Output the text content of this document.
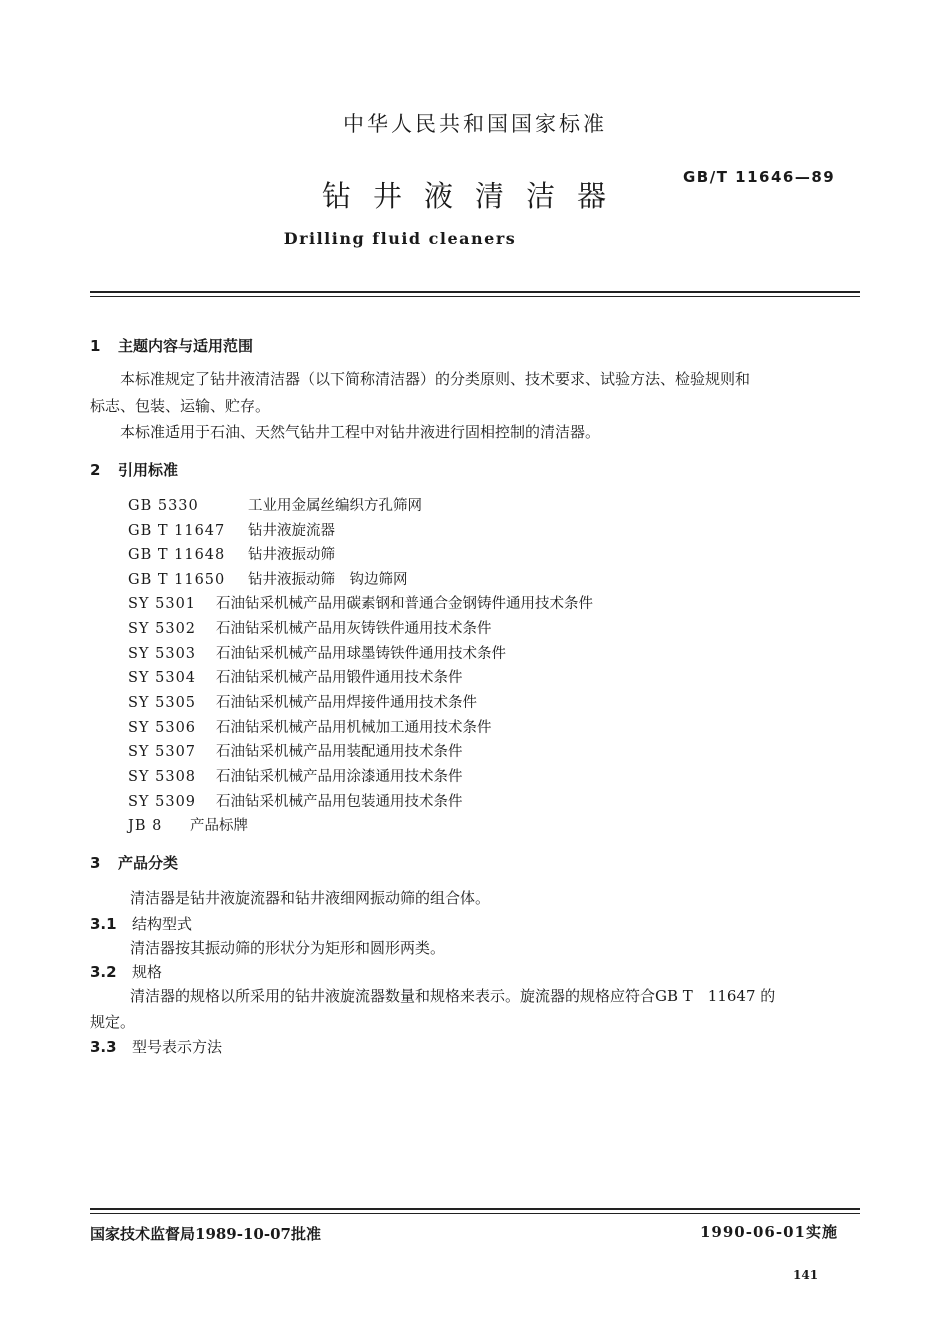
中华人民共和国国家标准
钻井液清洁器
GB/T 11646—89
Drilling fluid cleaners
1 主题内容与适用范围
本标准规定了钻井液清洁器（以下简称清洁器）的分类原则、技术要求、试验方法、检验规则和
标志、包装、运输、贮存。
本标准适用于石油、天然气钻井工程中对钻井液进行固相控制的清洁器。
2 引用标准
GB 5330	工业用金属丝编织方孔筛网
GB T 11647 钻井液旋流器
GB T 11648 钻井液振动筛
GB T 11650 钻井液振动筛　钩边筛网
SY 5301 石油钻采机械产品用碳素钢和普通合金钢铸件通用技术条件
SY 5302 石油钻采机械产品用灰铸铁件通用技术条件
SY 5303 石油钻采机械产品用球墨铸铁件通用技术条件
SY 5304 石油钻采机械产品用锻件通用技术条件
SY 5305 石油钻采机械产品用焊接件通用技术条件
SY 5306 石油钻采机械产品用机械加工通用技术条件
SY 5307 石油钻采机械产品用装配通用技术条件
SY 5308 石油钻采机械产品用涂漆通用技术条件
SY 5309 石油钻采机械产品用包装通用技术条件
JB 8 产品标牌
3 产品分类
清洁器是钻井液旋流器和钻井液细网振动筛的组合体。
3.1 结构型式
清洁器按其振动筛的形状分为矩形和圆形两类。
3.2 规格
清洁器的规格以所采用的钻井液旋流器数量和规格来表示。旋流器的规格应符合GB T　11647 的
规定。
3.3 型号表示方法
国家技术监督局1989-10-07批准	1990-06-01实施
141
